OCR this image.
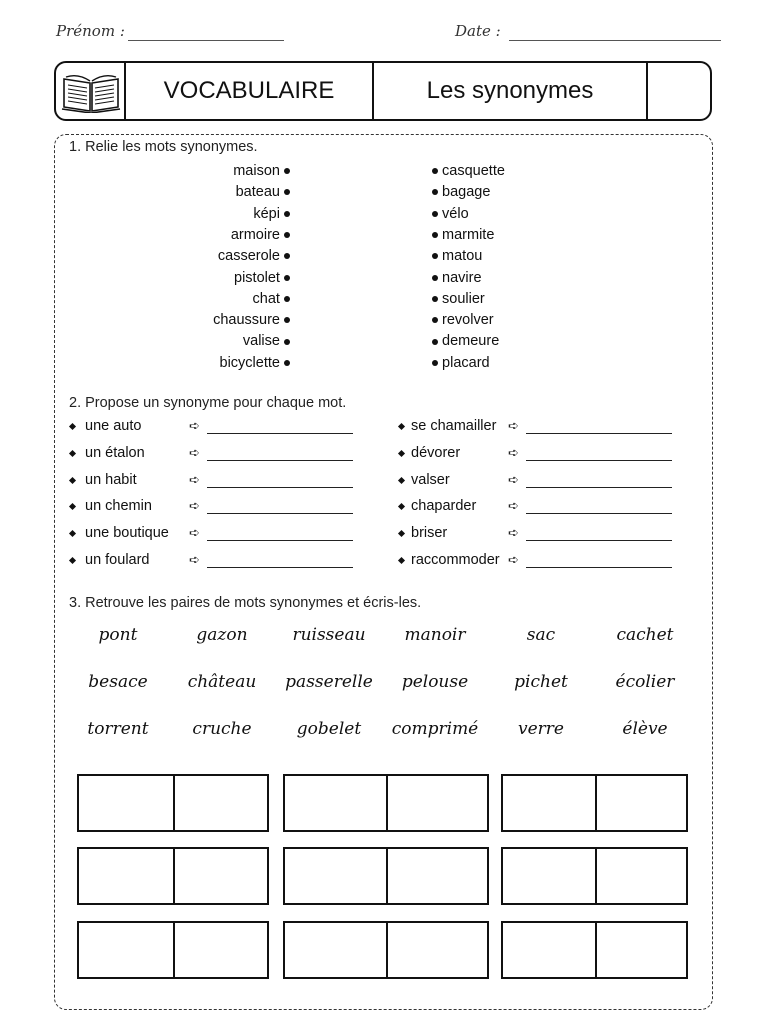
Prénom :	Date :
VOCABULAIRE	Les synonymes
1. Relie les mots synonymes.
maison
bateau
képi
armoire
casserole
pistolet
chat
chaussure
valise
bicyclette
casquette
bagage
vélo
marmite
matou
navire
soulier
revolver
demeure
placard
2. Propose un synonyme pour chaque mot.
une auto
un étalon
un habit
un chemin
une boutique
un foulard
➪
➪
➪
➪
➪
➪
se chamailler
dévorer
valser
chaparder
briser
raccommoder
➪
➪
➪
➪
➪
➪
3. Retrouve les paires de mots synonymes et écris-les.
pont	gazon	ruisseau manoir	sac	cachet
besace château passerelle pelouse	pichet	écolier
torrent	cruche	gobelet comprimé verre	élève
